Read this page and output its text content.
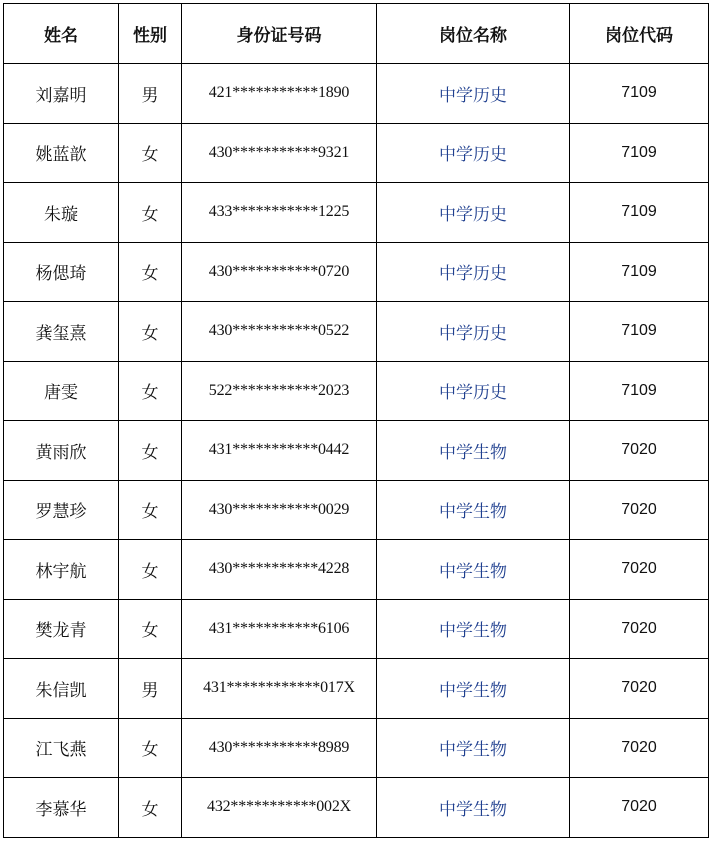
姓名	性别	身份证号码	岗位名称	岗位代码
刘嘉明	男	421***********1890	中学历史	7109
姚蓝歆	女	430***********9321	中学历史	7109
朱璇	女	433***********1225	中学历史	7109
杨偲琦	女	430***********0720	中学历史	7109
龚玺熹	女	430***********0522	中学历史	7109
唐雯	女	522***********2023	中学历史	7109
黄雨欣	女	431***********0442	中学生物	7020
罗慧珍	女	430***********0029	中学生物	7020
林宇航	女	430***********4228	中学生物	7020
樊龙青	女	431***********6106	中学生物	7020
朱信凯	男	431************017X	中学生物	7020
江飞燕	女	430***********8989	中学生物	7020
李慕华	女	432***********002X	中学生物	7020
